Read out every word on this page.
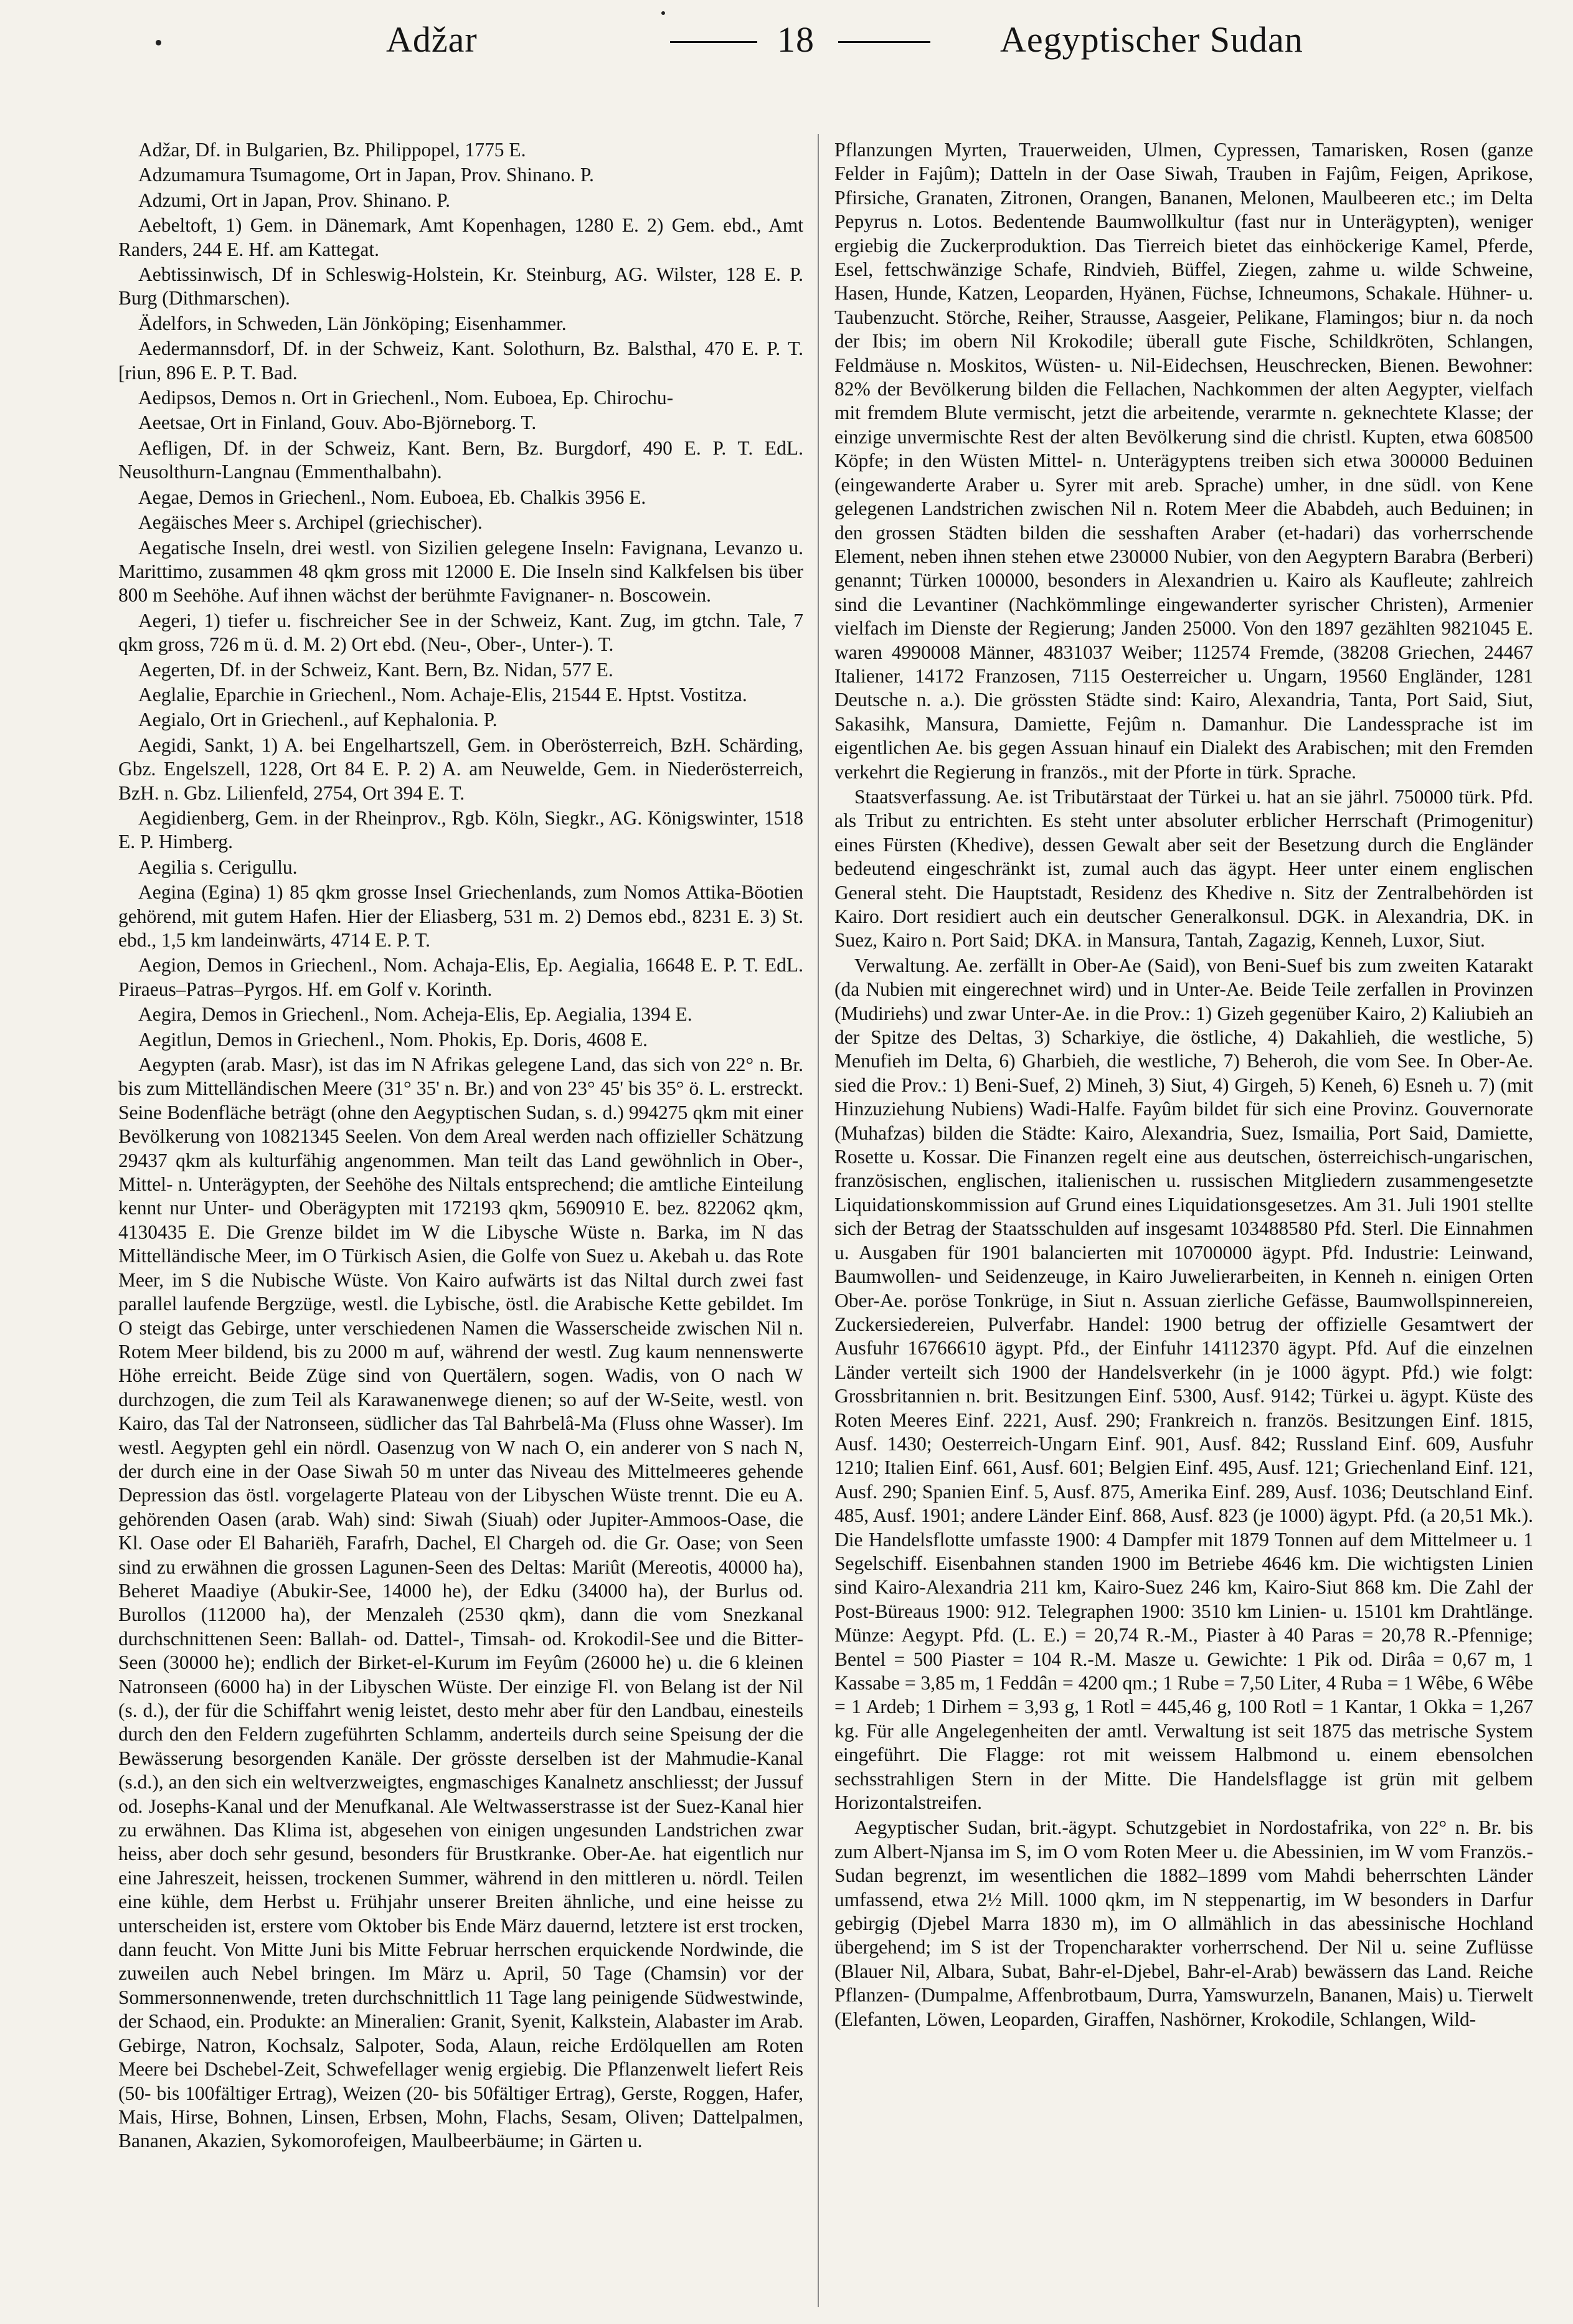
Adžar	18	Aegyptischer Sudan

Adžar, Df. in Bulgarien, Bz. Philippopel, 1775 E.

Adzumamura Tsumagome, Ort in Japan, Prov. Shinano. P.

Adzumi, Ort in Japan, Prov. Shinano. P.

Aebeltoft, 1) Gem. in Dänemark, Amt Kopenhagen, 1280 E. 2) Gem. ebd., Amt Randers, 244 E. Hf. am Kattegat.

Aebtissinwisch, Df in Schleswig-Holstein, Kr. Steinburg, AG. Wilster, 128 E. P. Burg (Dithmarschen).

Ädelfors, in Schweden, Län Jönköping; Eisenhammer.

Aedermannsdorf, Df. in der Schweiz, Kant. Solothurn, Bz. Balsthal, 470 E. P. T. [riun, 896 E. P. T. Bad.

Aedipsos, Demos n. Ort in Griechenl., Nom. Euboea, Ep. Chirochu-

Aeetsae, Ort in Finland, Gouv. Abo-Björneborg. T.

Aefligen, Df. in der Schweiz, Kant. Bern, Bz. Burgdorf, 490 E. P. T. EdL. Neusolthurn-Langnau (Emmenthalbahn).

Aegae, Demos in Griechenl., Nom. Euboea, Eb. Chalkis 3956 E.

Aegäisches Meer s. Archipel (griechischer).

Aegatische Inseln, drei westl. von Sizilien gelegene Inseln: Favignana, Levanzo u. Marittimo, zusammen 48 qkm gross mit 12000 E. Die Inseln sind Kalkfelsen bis über 800 m Seehöhe. Auf ihnen wächst der berühmte Favignaner- n. Boscowein.

Aegeri, 1) tiefer u. fischreicher See in der Schweiz, Kant. Zug, im gtchn. Tale, 7 qkm gross, 726 m ü. d. M. 2) Ort ebd. (Neu-, Ober-, Unter-). T.

Aegerten, Df. in der Schweiz, Kant. Bern, Bz. Nidan, 577 E.

Aeglalie, Eparchie in Griechenl., Nom. Achaje-Elis, 21544 E. Hptst. Vostitza.

Aegialo, Ort in Griechenl., auf Kephalonia. P.

Aegidi, Sankt, 1) A. bei Engelhartszell, Gem. in Oberösterreich, BzH. Schärding, Gbz. Engelszell, 1228, Ort 84 E. P. 2) A. am Neuwelde, Gem. in Niederösterreich, BzH. n. Gbz. Lilienfeld, 2754, Ort 394 E. T.

Aegidienberg, Gem. in der Rheinprov., Rgb. Köln, Siegkr., AG. Königswinter, 1518 E. P. Himberg.

Aegilia s. Cerigullu.

Aegina (Egina) 1) 85 qkm grosse Insel Griechenlands, zum Nomos Attika-Böotien gehörend, mit gutem Hafen. Hier der Eliasberg, 531 m. 2) Demos ebd., 8231 E. 3) St. ebd., 1,5 km landeinwärts, 4714 E. P. T.

Aegion, Demos in Griechenl., Nom. Achaja-Elis, Ep. Aegialia, 16648 E. P. T. EdL. Piraeus–Patras–Pyrgos. Hf. em Golf v. Korinth.

Aegira, Demos in Griechenl., Nom. Acheja-Elis, Ep. Aegialia, 1394 E.

Aegitlun, Demos in Griechenl., Nom. Phokis, Ep. Doris, 4608 E.

Aegypten (arab. Masr), ist das im N Afrikas gelegene Land, das sich von 22° n. Br. bis zum Mittelländischen Meere (31° 35' n. Br.) and von 23° 45' bis 35° ö. L. erstreckt. Seine Bodenfläche beträgt (ohne den Aegyptischen Sudan, s. d.) 994275 qkm mit einer Bevölkerung von 10821345 Seelen. Von dem Areal werden nach offizieller Schätzung 29437 qkm als kulturfähig angenommen. Man teilt das Land gewöhnlich in Ober-, Mittel- n. Unterägypten, der Seehöhe des Niltals entsprechend; die amtliche Einteilung kennt nur Unter- und Oberägypten mit 172193 qkm, 5690910 E. bez. 822062 qkm, 4130435 E. Die Grenze bildet im W die Libysche Wüste n. Barka, im N das Mittelländische Meer, im O Türkisch Asien, die Golfe von Suez u. Akebah u. das Rote Meer, im S die Nubische Wüste. Von Kairo aufwärts ist das Niltal durch zwei fast parallel laufende Bergzüge, westl. die Lybische, östl. die Arabische Kette gebildet. Im O steigt das Gebirge, unter verschiedenen Namen die Wasserscheide zwischen Nil n. Rotem Meer bildend, bis zu 2000 m auf, während der westl. Zug kaum nennenswerte Höhe erreicht. Beide Züge sind von Quertälern, sogen. Wadis, von O nach W durchzogen, die zum Teil als Karawanenwege dienen; so auf der W-Seite, westl. von Kairo, das Tal der Natronseen, südlicher das Tal Bahrbelâ-Ma (Fluss ohne Wasser). Im westl. Aegypten gehl ein nördl. Oasenzug von W nach O, ein anderer von S nach N, der durch eine in der Oase Siwah 50 m unter das Niveau des Mittelmeeres gehende Depression das östl. vorgelagerte Plateau von der Libyschen Wüste trennt. Die eu A. gehörenden Oasen (arab. Wah) sind: Siwah (Siuah) oder Jupiter-Ammoos-Oase, die Kl. Oase oder El Bahariëh, Farafrh, Dachel, El Chargeh od. die Gr. Oase; von Seen sind zu erwähnen die grossen Lagunen-Seen des Deltas: Mariût (Mereotis, 40000 ha), Beheret Maadiye (Abukir-See, 14000 he), der Edku (34000 ha), der Burlus od. Burollos (112000 ha), der Menzaleh (2530 qkm), dann die vom Snezkanal durchschnittenen Seen: Ballah- od. Dattel-, Timsah- od. Krokodil-See und die Bitter-Seen (30000 he); endlich der Birket-el-Kurum im Feyûm (26000 he) u. die 6 kleinen Natronseen (6000 ha) in der Libyschen Wüste. Der einzige Fl. von Belang ist der Nil (s. d.), der für die Schiffahrt wenig leistet, desto mehr aber für den Landbau, einesteils durch den den Feldern zugeführten Schlamm, anderteils durch seine Speisung der die Bewässerung besorgenden Kanäle. Der grösste derselben ist der Mahmudie-Kanal (s.d.), an den sich ein weltverzweigtes, engmaschiges Kanalnetz anschliesst; der Jussuf od. Josephs-Kanal und der Menufkanal. Ale Weltwasserstrasse ist der Suez-Kanal hier zu erwähnen. Das Klima ist, abgesehen von einigen ungesunden Landstrichen zwar heiss, aber doch sehr gesund, besonders für Brustkranke. Ober-Ae. hat eigentlich nur eine Jahreszeit, heissen, trockenen Summer, während in den mittleren u. nördl. Teilen eine kühle, dem Herbst u. Frühjahr unserer Breiten ähnliche, und eine heisse zu unterscheiden ist, erstere vom Oktober bis Ende März dauernd, letztere ist erst trocken, dann feucht. Von Mitte Juni bis Mitte Februar herrschen erquickende Nordwinde, die zuweilen auch Nebel bringen. Im März u. April, 50 Tage (Chamsin) vor der Sommersonnenwende, treten durchschnittlich 11 Tage lang peinigende Südwestwinde, der Schaod, ein. Produkte: an Mineralien: Granit, Syenit, Kalkstein, Alabaster im Arab. Gebirge, Natron, Kochsalz, Salpoter, Soda, Alaun, reiche Erdölquellen am Roten Meere bei Dschebel-Zeit, Schwefellager wenig ergiebig. Die Pflanzenwelt liefert Reis (50- bis 100fältiger Ertrag), Weizen (20- bis 50fältiger Ertrag), Gerste, Roggen, Hafer, Mais, Hirse, Bohnen, Linsen, Erbsen, Mohn, Flachs, Sesam, Oliven; Dattelpalmen, Bananen, Akazien, Sykomorofeigen, Maulbeerbäume; in Gärten u.

Pflanzungen Myrten, Trauerweiden, Ulmen, Cypressen, Tamarisken, Rosen (ganze Felder in Fajûm); Datteln in der Oase Siwah, Trauben in Fajûm, Feigen, Aprikose, Pfirsiche, Granaten, Zitronen, Orangen, Bananen, Melonen, Maulbeeren etc.; im Delta Pepyrus n. Lotos. Bedentende Baumwollkultur (fast nur in Unterägypten), weniger ergiebig die Zuckerproduktion. Das Tierreich bietet das einhöckerige Kamel, Pferde, Esel, fettschwänzige Schafe, Rindvieh, Büffel, Ziegen, zahme u. wilde Schweine, Hasen, Hunde, Katzen, Leoparden, Hyänen, Füchse, Ichneumons, Schakale. Hühner- u. Taubenzucht. Störche, Reiher, Strausse, Aasgeier, Pelikane, Flamingos; biur n. da noch der Ibis; im obern Nil Krokodile; überall gute Fische, Schildkröten, Schlangen, Feldmäuse n. Moskitos, Wüsten- u. Nil-Eidechsen, Heuschrecken, Bienen. Bewohner: 82% der Bevölkerung bilden die Fellachen, Nachkommen der alten Aegypter, vielfach mit fremdem Blute vermischt, jetzt die arbeitende, verarmte n. geknechtete Klasse; der einzige unvermischte Rest der alten Bevölkerung sind die christl. Kupten, etwa 608500 Köpfe; in den Wüsten Mittel- n. Unterägyptens treiben sich etwa 300000 Beduinen (eingewanderte Araber u. Syrer mit areb. Sprache) umher, in dne südl. von Kene gelegenen Landstrichen zwischen Nil n. Rotem Meer die Ababdeh, auch Beduinen; in den grossen Städten bilden die sesshaften Araber (et-hadari) das vorherrschende Element, neben ihnen stehen etwe 230000 Nubier, von den Aegyptern Barabra (Berberi) genannt; Türken 100000, besonders in Alexandrien u. Kairo als Kaufleute; zahlreich sind die Levantiner (Nachkömmlinge eingewanderter syrischer Christen), Armenier vielfach im Dienste der Regierung; Janden 25000. Von den 1897 gezählten 9821045 E. waren 4990008 Männer, 4831037 Weiber; 112574 Fremde, (38208 Griechen, 24467 Italiener, 14172 Franzosen, 7115 Oesterreicher u. Ungarn, 19560 Engländer, 1281 Deutsche n. a.). Die grössten Städte sind: Kairo, Alexandria, Tanta, Port Said, Siut, Sakasihk, Mansura, Damiette, Fejûm n. Damanhur. Die Landessprache ist im eigentlichen Ae. bis gegen Assuan hinauf ein Dialekt des Arabischen; mit den Fremden verkehrt die Regierung in französ., mit der Pforte in türk. Sprache.

Staatsverfassung. Ae. ist Tributärstaat der Türkei u. hat an sie jährl. 750000 türk. Pfd. als Tribut zu entrichten. Es steht unter absoluter erblicher Herrschaft (Primogenitur) eines Fürsten (Khedive), dessen Gewalt aber seit der Besetzung durch die Engländer bedeutend eingeschränkt ist, zumal auch das ägypt. Heer unter einem englischen General steht. Die Hauptstadt, Residenz des Khedive n. Sitz der Zentralbehörden ist Kairo. Dort residiert auch ein deutscher Generalkonsul. DGK. in Alexandria, DK. in Suez, Kairo n. Port Said; DKA. in Mansura, Tantah, Zagazig, Kenneh, Luxor, Siut.

Verwaltung. Ae. zerfällt in Ober-Ae (Said), von Beni-Suef bis zum zweiten Katarakt (da Nubien mit eingerechnet wird) und in Unter-Ae. Beide Teile zerfallen in Provinzen (Mudiriehs) und zwar Unter-Ae. in die Prov.: 1) Gizeh gegenüber Kairo, 2) Kaliubieh an der Spitze des Deltas, 3) Scharkiye, die östliche, 4) Dakahlieh, die westliche, 5) Menufieh im Delta, 6) Gharbieh, die westliche, 7) Beheroh, die vom See. In Ober-Ae. sied die Prov.: 1) Beni-Suef, 2) Mineh, 3) Siut, 4) Girgeh, 5) Keneh, 6) Esneh u. 7) (mit Hinzuziehung Nubiens) Wadi-Halfe. Fayûm bildet für sich eine Provinz. Gouvernorate (Muhafzas) bilden die Städte: Kairo, Alexandria, Suez, Ismailia, Port Said, Damiette, Rosette u. Kossar. Die Finanzen regelt eine aus deutschen, österreichisch-ungarischen, französischen, englischen, italienischen u. russischen Mitgliedern zusammengesetzte Liquidationskommission auf Grund eines Liquidationsgesetzes. Am 31. Juli 1901 stellte sich der Betrag der Staatsschulden auf insgesamt 103488580 Pfd. Sterl. Die Einnahmen u. Ausgaben für 1901 balancierten mit 10700000 ägypt. Pfd. Industrie: Leinwand, Baumwollen- und Seidenzeuge, in Kairo Juwelierarbeiten, in Kenneh n. einigen Orten Ober-Ae. poröse Tonkrüge, in Siut n. Assuan zierliche Gefässe, Baumwollspinnereien, Zuckersiedereien, Pulverfabr. Handel: 1900 betrug der offizielle Gesamtwert der Ausfuhr 16766610 ägypt. Pfd., der Einfuhr 14112370 ägypt. Pfd. Auf die einzelnen Länder verteilt sich 1900 der Handelsverkehr (in je 1000 ägypt. Pfd.) wie folgt: Grossbritannien n. brit. Besitzungen Einf. 5300, Ausf. 9142; Türkei u. ägypt. Küste des Roten Meeres Einf. 2221, Ausf. 290; Frankreich n. französ. Besitzungen Einf. 1815, Ausf. 1430; Oesterreich-Ungarn Einf. 901, Ausf. 842; Russland Einf. 609, Ausfuhr 1210; Italien Einf. 661, Ausf. 601; Belgien Einf. 495, Ausf. 121; Griechenland Einf. 121, Ausf. 290; Spanien Einf. 5, Ausf. 875, Amerika Einf. 289, Ausf. 1036; Deutschland Einf. 485, Ausf. 1901; andere Länder Einf. 868, Ausf. 823 (je 1000) ägypt. Pfd. (a 20,51 Mk.). Die Handelsflotte umfasste 1900: 4 Dampfer mit 1879 Tonnen auf dem Mittelmeer u. 1 Segelschiff. Eisenbahnen standen 1900 im Betriebe 4646 km. Die wichtigsten Linien sind Kairo-Alexandria 211 km, Kairo-Suez 246 km, Kairo-Siut 868 km. Die Zahl der Post-Büreaus 1900: 912. Telegraphen 1900: 3510 km Linien- u. 15101 km Drahtlänge. Münze: Aegypt. Pfd. (L. E.) = 20,74 R.-M., Piaster à 40 Paras = 20,78 R.-Pfennige; Bentel = 500 Piaster = 104 R.-M. Masze u. Gewichte: 1 Pik od. Dirâa = 0,67 m, 1 Kassabe = 3,85 m, 1 Feddân = 4200 qm.; 1 Rube = 7,50 Liter, 4 Ruba = 1 Wêbe, 6 Wêbe = 1 Ardeb; 1 Dirhem = 3,93 g, 1 Rotl = 445,46 g, 100 Rotl = 1 Kantar, 1 Okka = 1,267 kg. Für alle Angelegenheiten der amtl. Verwaltung ist seit 1875 das metrische System eingeführt. Die Flagge: rot mit weissem Halbmond u. einem ebensolchen sechsstrahligen Stern in der Mitte. Die Handelsflagge ist grün mit gelbem Horizontalstreifen.

Aegyptischer Sudan, brit.-ägypt. Schutzgebiet in Nordostafrika, von 22° n. Br. bis zum Albert-Njansa im S, im O vom Roten Meer u. die Abessinien, im W vom Französ.-Sudan begrenzt, im wesentlichen die 1882–1899 vom Mahdi beherrschten Länder umfassend, etwa 2½ Mill. 1000 qkm, im N steppenartig, im W besonders in Darfur gebirgig (Djebel Marra 1830 m), im O allmählich in das abessinische Hochland übergehend; im S ist der Tropencharakter vorherrschend. Der Nil u. seine Zuflüsse (Blauer Nil, Albara, Subat, Bahr-el-Djebel, Bahr-el-Arab) bewässern das Land. Reiche Pflanzen- (Dumpalme, Affenbrotbaum, Durra, Yamswurzeln, Bananen, Mais) u. Tierwelt (Elefanten, Löwen, Leoparden, Giraffen, Nashörner, Krokodile, Schlangen, Wild-
